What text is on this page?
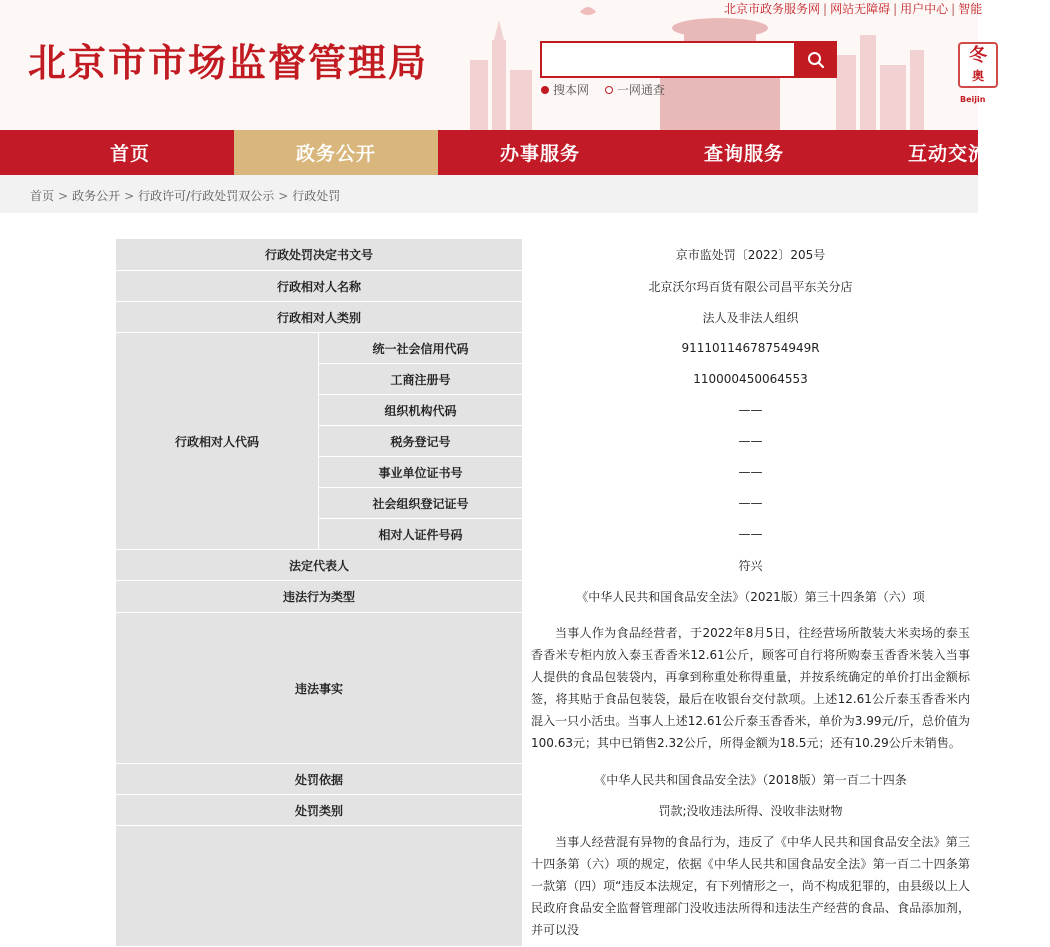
北京市市场监督管理局
北京市政务服务网 | 网站无障碍 | 用户中心 | 智能
搜本网
一网通查
冬
奥
Beijin
首页	政务公开	办事服务	查询服务	互动交流
首页 > 政务公开 > 行政许可/行政处罚双公示 > 行政处罚
行政处罚决定书文号		京市监处罚〔2022〕205号
行政相对人名称		北京沃尔玛百货有限公司昌平东关分店
行政相对人类别		法人及非法人组织
行政相对人代码	统一社会信用代码	91110114678754949R
	工商注册号	110000450064553
	组织机构代码	——
	税务登记号	——
	事业单位证书号	——
	社会组织登记证号	——
	相对人证件号码	——
法定代表人		符兴
违法行为类型		《中华人民共和国食品安全法》（2021版）第三十四条第（六）项
违法事实		当事人作为食品经营者，于2022年8月5日，往经营场所散装大米卖场的泰玉香香米专柜内放入泰玉香香米12.61公斤，顾客可自行将所购泰玉香香米装入当事人提供的食品包装袋内，再拿到称重处称得重量，并按系统确定的单价打出金额标签，将其贴于食品包装袋，最后在收银台交付款项。上述12.61公斤泰玉香香米内混入一只小活虫。当事人上述12.61公斤泰玉香香米，单价为3.99元/斤，总价值为100.63元；其中已销售2.32公斤，所得金额为18.5元；还有10.29公斤未销售。
处罚依据		《中华人民共和国食品安全法》（2018版）第一百二十四条
处罚类别		罚款;没收违法所得、没收非法财物
		当事人经营混有异物的食品行为，违反了《中华人民共和国食品安全法》第三十四条第（六）项的规定，依据《中华人民共和国食品安全法》第一百二十四条第一款第（四）项“违反本法规定，有下列情形之一，尚不构成犯罪的，由县级以上人民政府食品安全监督管理部门没收违法所得和违法生产经营的食品、食品添加剂，并可以没
